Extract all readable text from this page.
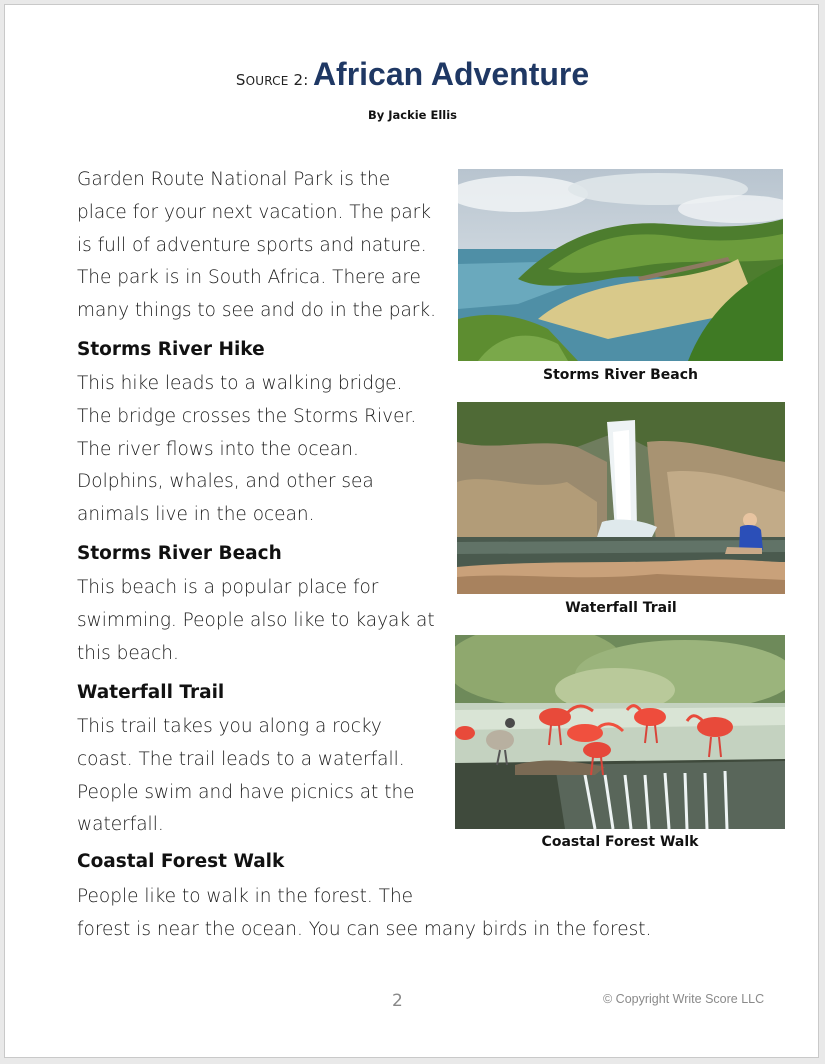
SOURCE 2: African Adventure
By Jackie Ellis
Garden Route National Park is the
place for your next vacation. The park
is full of adventure sports and nature.
The park is in South Africa. There are
many things to see and do in the park.
Storms River Hike
This hike leads to a walking bridge.
The bridge crosses the Storms River.
The river flows into the ocean.
Dolphins, whales, and other sea
animals live in the ocean.
Storms River Beach
This beach is a popular place for
swimming. People also like to kayak at
this beach.
Waterfall Trail
This trail takes you along a rocky
coast. The trail leads to a waterfall.
People swim and have picnics at the
waterfall.
Coastal Forest Walk
People like to walk in the forest. The
forest is near the ocean. You can see many birds in the forest.
Storms River Beach
Waterfall Trail
Coastal Forest Walk
2	© Copyright Write Score LLC
